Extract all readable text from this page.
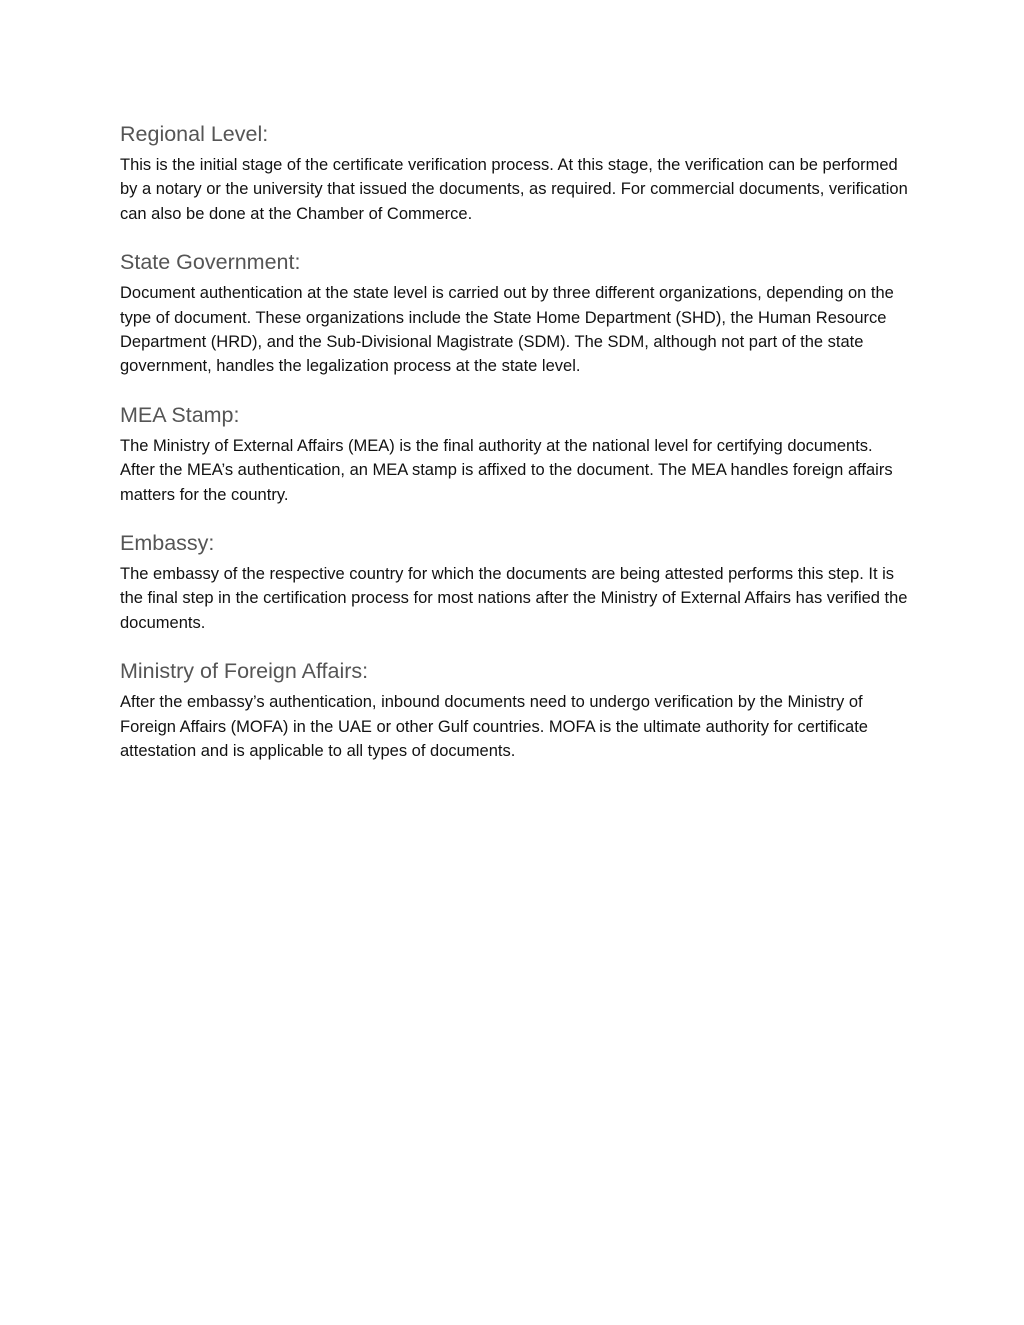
Regional Level:

This is the initial stage of the certificate verification process. At this stage, the verification can be performed by a notary or the university that issued the documents, as required. For commercial documents, verification can also be done at the Chamber of Commerce.

State Government:

Document authentication at the state level is carried out by three different organizations, depending on the type of document. These organizations include the State Home Department (SHD), the Human Resource Department (HRD), and the Sub-Divisional Magistrate (SDM). The SDM, although not part of the state government, handles the legalization process at the state level.

MEA Stamp:

The Ministry of External Affairs (MEA) is the final authority at the national level for certifying documents. After the MEA’s authentication, an MEA stamp is affixed to the document. The MEA handles foreign affairs matters for the country.

Embassy:

The embassy of the respective country for which the documents are being attested performs this step. It is the final step in the certification process for most nations after the Ministry of External Affairs has verified the documents.

Ministry of Foreign Affairs:

After the embassy’s authentication, inbound documents need to undergo verification by the Ministry of Foreign Affairs (MOFA) in the UAE or other Gulf countries. MOFA is the ultimate authority for certificate attestation and is applicable to all types of documents.
